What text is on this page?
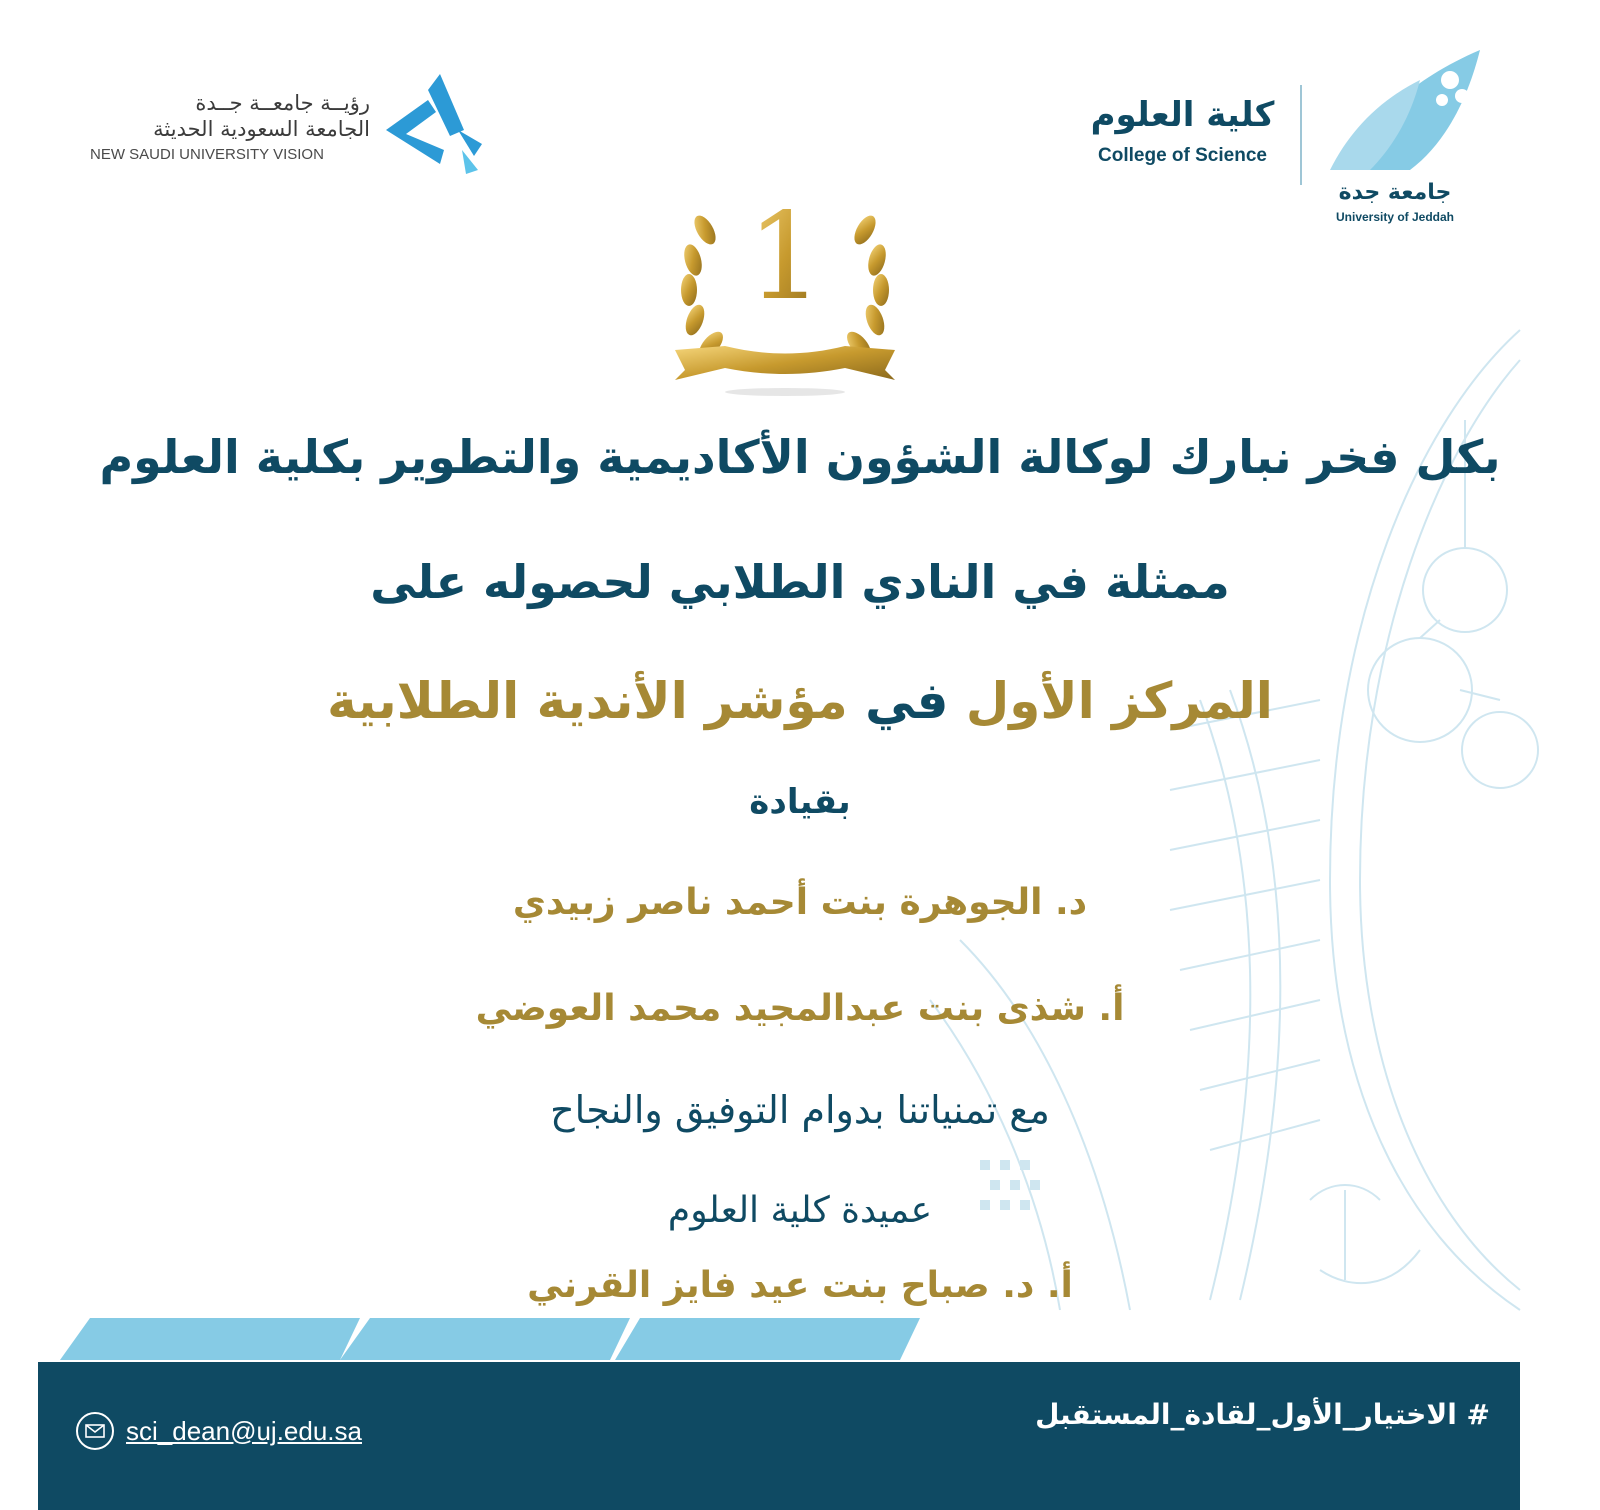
رؤيــة جامعــة جــدة
الجامعة السعودية الحديثة
NEW SAUDI UNIVERSITY VISION
كلية العلوم
College of Science	2014
جامعة جدة
University of Jeddah
1
بكل فخر نبارك لوكالة الشؤون الأكاديمية والتطوير بكلية العلوم
ممثلة في النادي الطلابي لحصوله على
المركز الأول في مؤشر الأندية الطلابية
بقيادة
د. الجوهرة بنت أحمد ناصر زبيدي
أ. شذى بنت عبدالمجيد محمد العوضي
مع تمنياتنا بدوام التوفيق والنجاح
عميدة كلية العلوم
أ. د. صباح بنت عيد فايز القرني
# الاختيار_الأول_لقادة_المستقبل
sci_dean@uj.edu.sa
